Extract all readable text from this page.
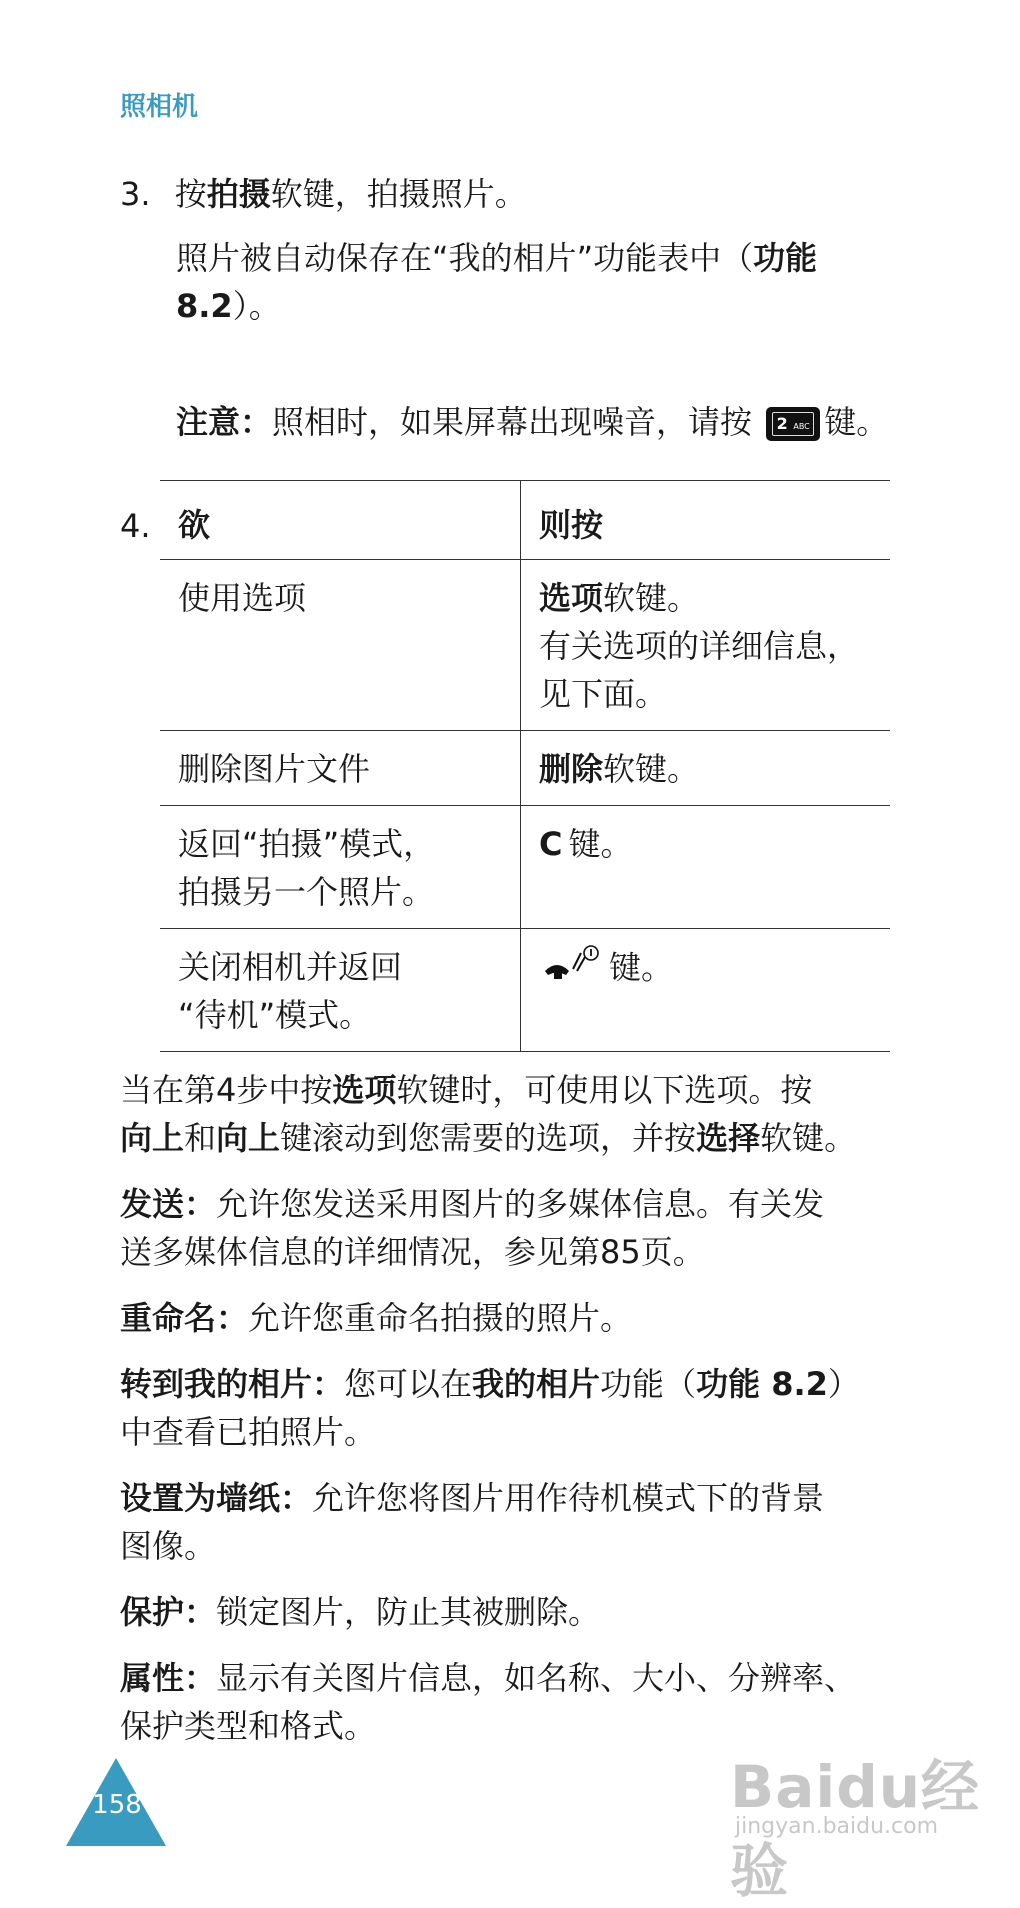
照相机
3. 按拍摄软键，拍摄照片。
照片被自动保存在“我的相片”功能表中（功能 8.2）。
注意：照相时，如果屏幕出现噪音，请按 2 ABC 键。
4. 欲	则按
使用选项	选项软键。
有关选项的详细信息，
见下面。
删除图片文件	删除软键。
返回“拍摄”模式，
拍摄另一个照片。	C 键。
关闭相机并返回
“待机”模式。	键。
当在第4步中按选项软键时，可使用以下选项。按
向上和向上键滚动到您需要的选项，并按选择软键。
发送：允许您发送采用图片的多媒体信息。有关发
送多媒体信息的详细情况，参见第85页。
重命名：允许您重命名拍摄的照片。
转到我的相片：您可以在我的相片功能（功能 8.2）
中查看已拍照片。
设置为墙纸：允许您将图片用作待机模式下的背景
图像。
保护：锁定图片，防止其被删除。
属性：显示有关图片信息，如名称、大小、分辨率、
保护类型和格式。
158	Baidu经验
jingyan.baidu.com
